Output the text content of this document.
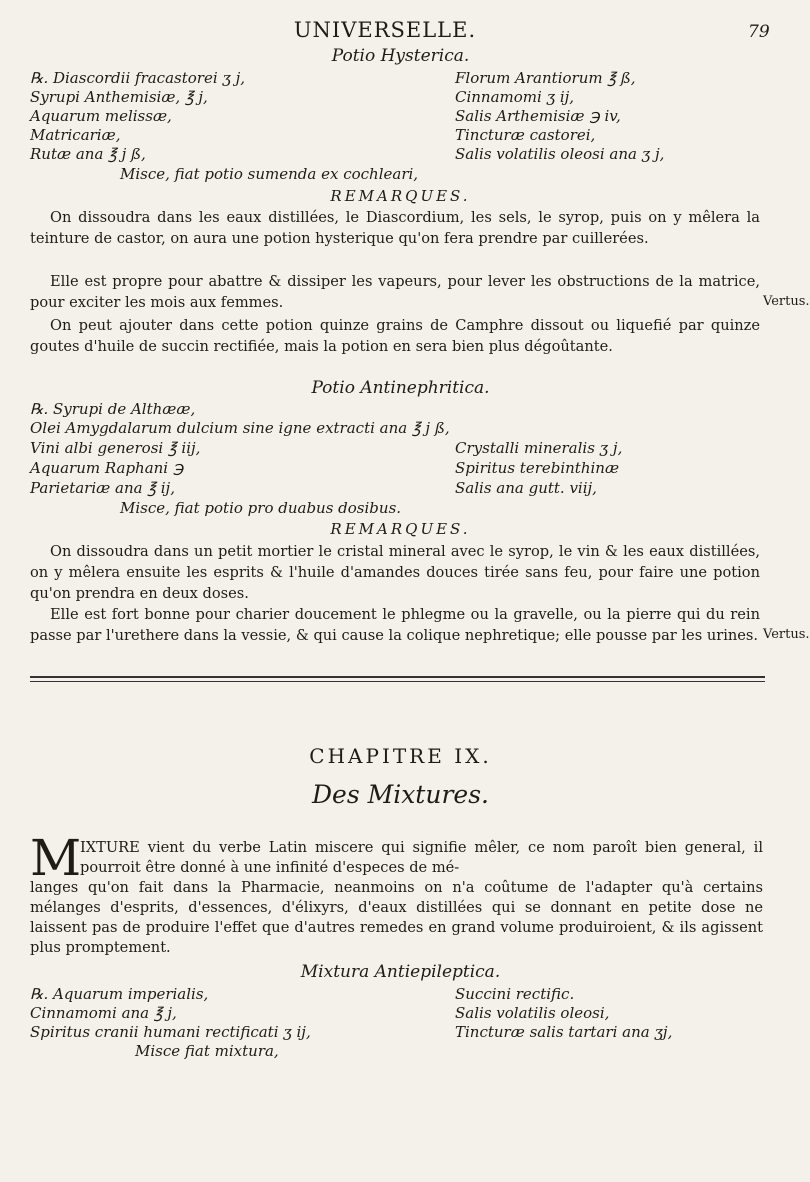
UNIVERSELLE.	79
Potio Hysterica.
℞. Diascordii fracastorei ʒ j,
Syrupi Anthemisiæ, ℥ j,
Aquarum melissæ,
Matricariæ,
Rutæ ana ℥ j ß,
Florum Arantiorum ℥ ß,
Cinnamomi ʒ ij,
Salis Arthemisiæ ℈ iv,
Tincturæ castorei,
Salis volatilis oleosi ana ʒ j,
Misce, fiat potio sumenda ex cochleari,
REMARQUES.
On dissoudra dans les eaux distillées, le Diascordium, les sels, le syrop, puis on y mêlera la teinture de castor, on aura une potion hysterique qu'on fera prendre par cuillerées.
Elle est propre pour abattre & dissiper les vapeurs, pour lever les obstructions de la matrice, pour exciter les mois aux femmes.	Vertus.
On peut ajouter dans cette potion quinze grains de Camphre dissout ou liquefié par quinze goutes d'huile de succin rectifiée, mais la potion en sera bien plus dégoûtante.
Potio Antinephritica.
℞. Syrupi de Althææ,
Olei Amygdalarum dulcium sine igne extracti ana ℥ j ß,
Vini albi generosi ℥ iij,
Aquarum Raphani ℈
Parietariæ ana ℥ ij,
Crystalli mineralis ʒ j,
Spiritus terebinthinæ
Salis ana gutt. viij,
Misce, fiat potio pro duabus dosibus.
REMARQUES.
On dissoudra dans un petit mortier le cristal mineral avec le syrop, le vin & les eaux distillées, on y mêlera ensuite les esprits & l'huile d'amandes douces tirée sans feu, pour faire une potion qu'on prendra en deux doses.
Elle est fort bonne pour charier doucement le phlegme ou la gravelle, ou la pierre qui du rein passe par l'urethere dans la vessie, & qui cause la colique nephretique; elle pousse par les urines. Vertus.
CHAPITRE IX.
Des Mixtures.
M
IXTURE vient du verbe Latin miscere qui signifie mêler, ce nom paroît bien general, il pourroit être donné à une infinité d'especes de mé-
langes qu'on fait dans la Pharmacie, neanmoins on n'a coûtume de l'adapter qu'à certains mélanges d'esprits, d'essences, d'élixyrs, d'eaux distillées qui se donnant en petite dose ne laissent pas de produire l'effet que d'autres remedes en grand volume produiroient, & ils agissent plus promptement.
Mixtura Antiepileptica.
℞. Aquarum imperialis,
Cinnamomi ana ℥ j,
Spiritus cranii humani rectificati ʒ ij,
Succini rectific.
Salis volatilis oleosi,
Tincturæ salis tartari ana ʒj,
Misce fiat mixtura,
